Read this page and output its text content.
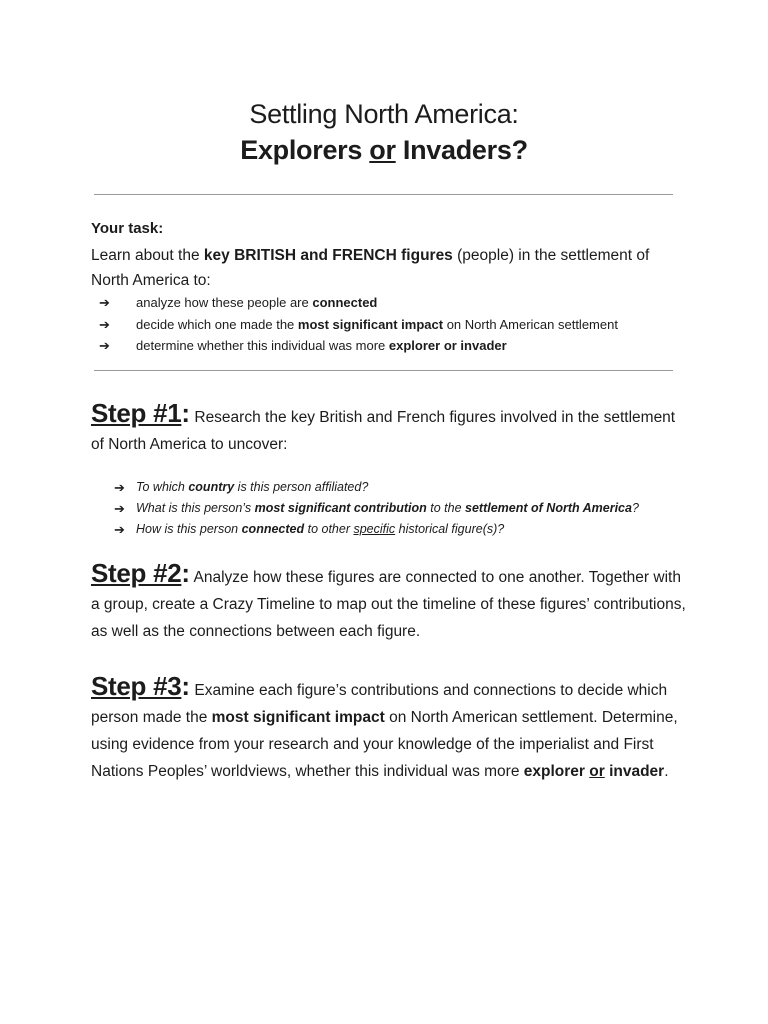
Settling North America:
Explorers or Invaders?
Your task:
Learn about the key BRITISH and FRENCH figures (people) in the settlement of North America to:
➔ analyze how these people are connected
➔ decide which one made the most significant impact on North American settlement
➔ determine whether this individual was more explorer or invader
Step #1: Research the key British and French figures involved in the settlement of North America to uncover:
➔ To which country is this person affiliated?
➔ What is this person’s most significant contribution to the settlement of North America?
➔ How is this person connected to other specific historical figure(s)?
Step #2: Analyze how these figures are connected to one another. Together with a group, create a Crazy Timeline to map out the timeline of these figures’ contributions, as well as the connections between each figure.
Step #3: Examine each figure’s contributions and connections to decide which person made the most significant impact on North American settlement. Determine, using evidence from your research and your knowledge of the imperialist and First Nations Peoples’ worldviews, whether this individual was more explorer or invader.
